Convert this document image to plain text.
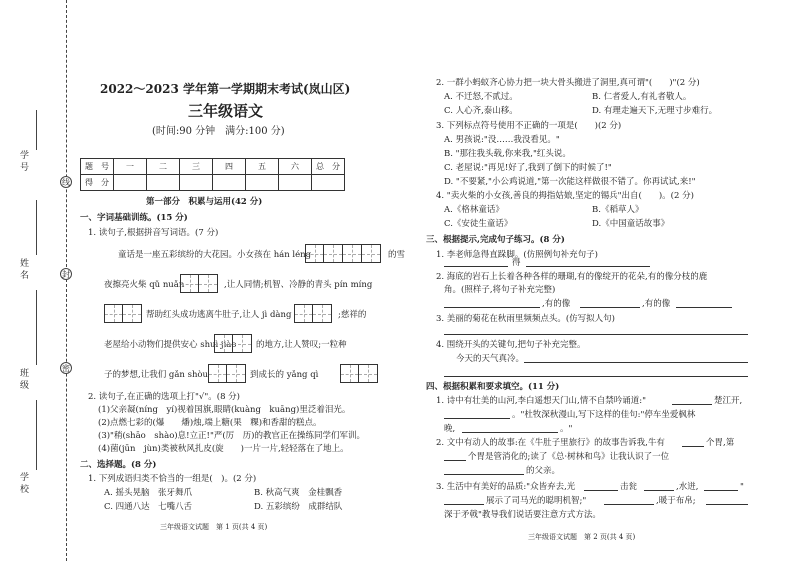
学号
姓名
班级
学校
线
封
密
2022～2023 学年第一学期期末考试(岚山区)
三年级语文
(时间:90 分钟　满分:100 分)
题　号	一	二	三	四	五	六	总　分
得　分							
第一部分　积累与运用(42 分)
一、字词基础训练。(15 分)
1. 读句子,根据拼音写词语。(7 分)
童话是一座五彩缤纷的大花园。小女孩在 hán léng	的雪
夜擦亮火柴 qǔ nuǎn	,让人同情;机智、冷静的青头 pín míng
帮助红头成功逃离牛肚子,让人 jì dàng	;慈祥的
老屋给小动物们提供安心 shuì jiào 的地方,让人赞叹;一粒种
子的梦想,让我们 gǎn shòu	到成长的 yǎng qì
2. 读句子,在正确的选项上打"√"。(8 分)
(1)父亲凝(níng　yí)视着国旗,眼睛(kuàng　kuāng)里泛着泪光。
(2)点燃七彩的(爆　　燔)烛,端上糖(果　粿)和香甜的糕点。
(3)"稍(shāo　shào)息!立正!"严(厉　历)的教官正在操练同学们军训。
(4)菌(jūn　jùn)类被秋风扎皮(旋　　)一片一片,轻轻落在了地上。
二、选择题。(8 分)
1. 下列成语归类不恰当的一组是(　)。(2 分)
A. 摇头晃脑　张牙舞爪	B. 秋高气爽　金桂飘香
C. 四通八达　七嘴八舌	D. 五彩缤纷　成群结队
三年级语文试题　第 1 页(共 4 页)
2. 一群小蚂蚁齐心协力把一块大骨头搬进了洞里,真可谓"(　　)"(2 分)
A. 不迁怒,不贰过。	B. 仁者爱人,有礼者敬人。
C. 人心齐,泰山移。	D. 有理走遍天下,无理寸步难行。
3. 下列标点符号使用不正确的一项是(　　)(2 分)
A. 男孩说:"没……我没看见。"
B. "那往我头载,你来我,"红头说。
C. 老屋说:"再见!好了,我到了倒下的时候了!"
D. "不要紧,"小公鸡说道,"第一次能这样做很不错了。你再试试,来!"
4. "卖火柴的小女孩,善良的拇指姑娘,坚定的锡兵"出自(　　)。(2 分)
A.《格林童话》	B.《稻草人》
C.《安徒生童话》	D.《中国童话故事》
三、根据提示,完成句子练习。(8 分)
1. 李老师急得直跺脚。(仿照例句补充句子)
得
2. 海底的岩石上长着各种各样的珊瑚,有的像绽开的花朵,有的像分枝的鹿
角。(照样子,将句子补充完整)
,有的像	,有的像
3. 美丽的菊花在秋雨里频频点头。(仿写拟人句)
4. 围绕开头的关键句,把句子补充完整。
今天的天气真冷。
四、根据积累和要求填空。(11 分)
1. 诗中有壮美的山河,李白遥想天门山,情不自禁吟诵道:"	楚江开,
。"杜牧深秋漫山,写下这样的佳句:"停车坐爱枫林
晚,	。"
2. 文中有动人的故事:在《牛肚子里旅行》的故事告诉我,牛有	个胃,第
个胃是管消化的;读了《总·树林和鸟》让我认识了一位
的父亲。
3. 生活中有美好的品质:"众皆弃去,光	击瓮	,水迸,	"
展示了司马光的聪明机智;"	,暖于布帛;
深于矛戟"教导我们说话要注意方式方法。
三年级语文试题　第 2 页(共 4 页)
